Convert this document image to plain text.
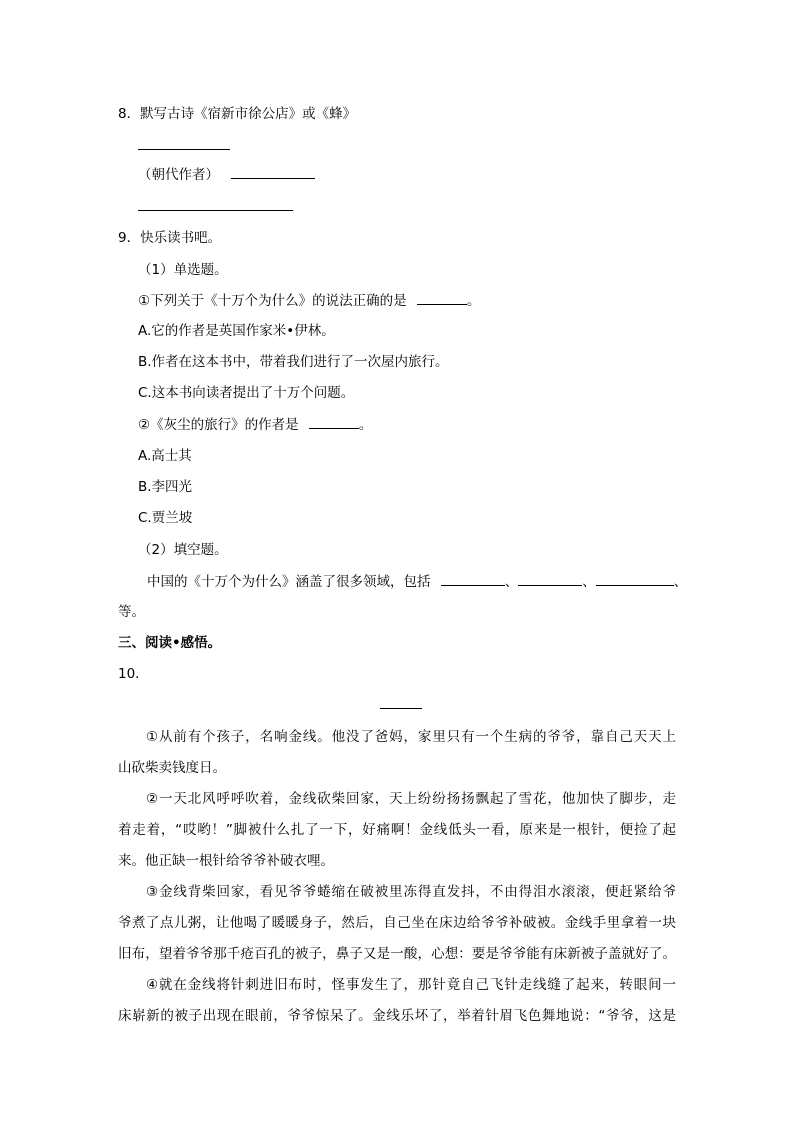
8．默写古诗《宿新市徐公店》或《蜂》
（朝代作者）
9．快乐读书吧。
（1）单选题。
①下列关于《十万个为什么》的说法正确的是	。
A.它的作者是英国作家米•伊林。
B.作者在这本书中，带着我们进行了一次屋内旅行。
C.这本书向读者提出了十万个问题。
②《灰尘的旅行》的作者是	。
A.高士其
B.李四光
C.贾兰坡
（2）填空题。
中国的《十万个为什么》涵盖了很多领域，包括	、	、	、
等。
三、阅读•感悟。
10．
①从前有个孩子，名响金线。他没了爸妈，家里只有一个生病的爷爷，靠自己天天上
山砍柴卖钱度日。
②一天北风呼呼吹着，金线砍柴回家，天上纷纷扬扬飘起了雪花，他加快了脚步，走
着走着，“哎哟！”脚被什么扎了一下，好痛啊！金线低头一看，原来是一根针，便捡了起
来。他正缺一根针给爷爷补破衣哩。
③金线背柴回家，看见爷爷蜷缩在破被里冻得直发抖，不由得泪水滚滚，便赶紧给爷
爷煮了点儿粥，让他喝了暖暖身子，然后，自己坐在床边给爷爷补破被。金线手里拿着一块
旧布，望着爷爷那千疮百孔的被子，鼻子又是一酸，心想：要是爷爷能有床新被子盖就好了。
④就在金线将针刺进旧布时，怪事发生了，那针竟自己飞针走线缝了起来，转眼间一
床崭新的被子出现在眼前，爷爷惊呆了。金线乐坏了，举着针眉飞色舞地说：“爷爷，这是
